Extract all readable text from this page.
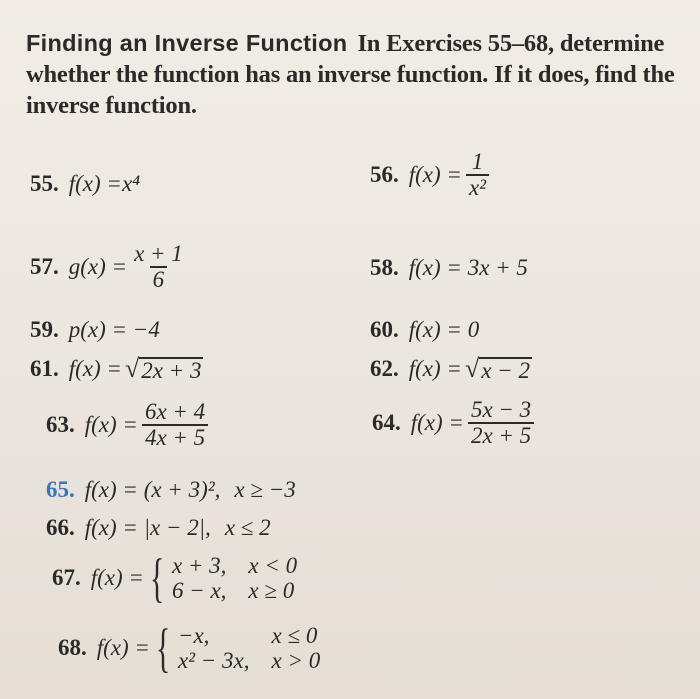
Finding an Inverse Function In Exercises 55–68, determine whether the function has an inverse function. If it does, find the inverse function.
55. f(x) = x⁴	56. $f(x) = \frac{1}{\text{x²}}$
57. $g(x) = \frac{x + 1}{6}$	58. f(x) = 3x + 5
59. p(x) = −4	60. f(x) = 0
61. f(x) = √ 2x + 3	62. f(x) = √ x − 2
63. $f(x) = \frac{6x + 4}{4x + 5}$	64. $f(x) = \frac{5x - 3}{2x + 5}$
65. f(x) = (x + 3)², x ≥ −3
66. f(x) = |x − 2|, x ≤ 2
67. f(x) = { x + 3, x < 0
6 − x, x ≥ 0
68. f(x) = { −x,	x ≤ 0
x² − 3x, x > 0
